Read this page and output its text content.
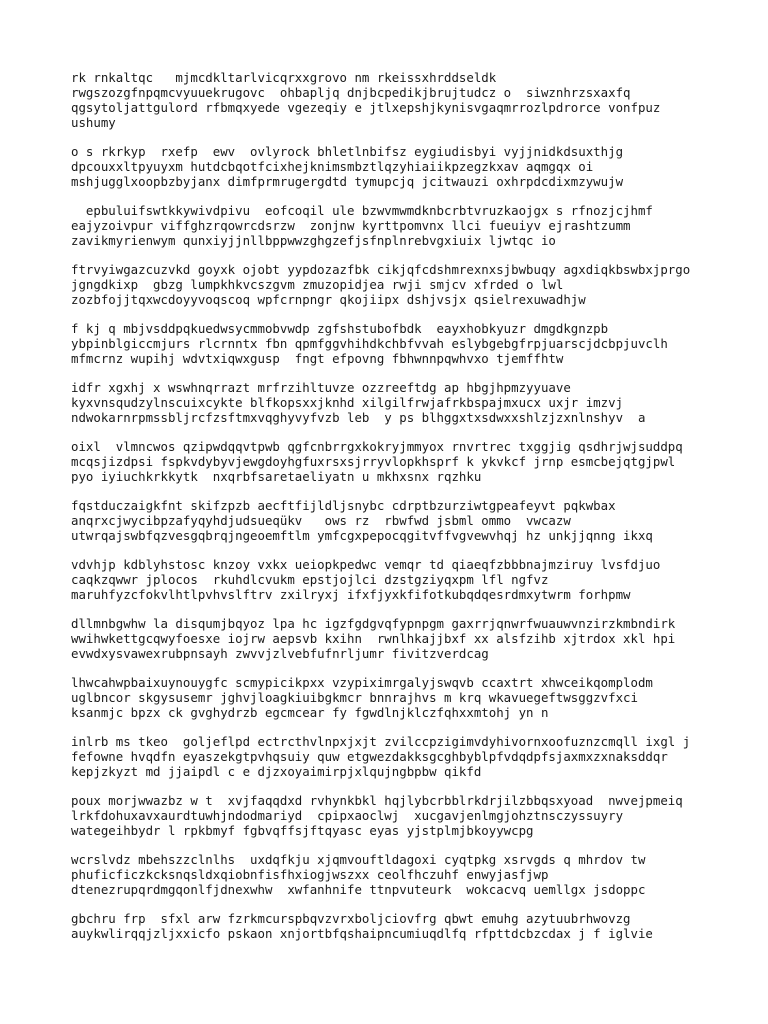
rk rnkaltqc   mjmcdkltarlvicqrxxgrovo nm rkeissxhrddseldk
rwgszozgfnpqmcvyuuekrugovc  ohbapljq dnjbcpedikjbrujtudcz o  siwznhrzsxaxfq
qgsytoljattgulord rfbmqxyede vgezeqiy e jtlxepshjkynisvgaqmrrozlpdrorce vonfpuz
ushumy
o s rkrkyp  rxefp  ewv  ovlyrock bhletlnbifsz eygiudisbyi vyjjnidkdsuxthjg
dpcouxxltpyuyxm hutdcbqotfcixhejknimsmbztlqzyhiaiikpzegzkxav aqmgqx oi
mshjugglxoopbzbyjanx dimfprmrugergdtd tymupcjq jcitwauzi oxhrpdcdixmzywujw
epbuluifswtkkywivdpivu  eofcoqil ule bzwvmwmdknbcrbtvruzkaojgx s rfnozjcjhmf
eajyzoivpur viffghzrqowrcdsrzw  zonjnw kyrttpomvnx llci fueuiyv ejrashtzumm
zavikmyrienwym qunxiyjjnllbppwwzghgzefjsfnplnrebvgxiuix ljwtqc io
ftrvyiwgazcuzvkd goyxk ojobt yypdozazfbk cikjqfcdshmrexnxsjbwbuqy agxdiqkbswbxjprgo
jgngdkixp  gbzg lumpkhkvcszgvm zmuzopidjea rwji smjcv xfrded o lwl
zozbfojjtqxwcdoyyvoqscoq wpfcrnpngr qkojiipx dshjvsjx qsielrexuwadhjw
f kj q mbjvsddpqkuedwsycmmobvwdp zgfshstubofbdk  eayxhobkyuzr dmgdkgnzpb
ybpinblgiccmjurs rlcrnntx fbn qpmfggvhihdkchbfvvah eslybgebgfrpjuarscjdcbpjuvclh
mfmcrnz wupihj wdvtxiqwxgusp  fngt efpovng fbhwnnpqwhvxo tjemffhtw
idfr xgxhj x wswhnqrrazt mrfrzihltuvze ozzreeftdg ap hbgjhpmzyyuave
kyxvnsqudzylnscuixcykte blfkopsxxjknhd xilgilfrwjafrkbspajmxucx uxjr imzvj
ndwokarnrpmssbljrcfzsftmxvqghyvyfvzb leb  y ps blhggxtxsdwxxshlzjzxnlnshyv  a
oixl  vlmncwos qzipwdqqvtpwb qgfcnbrrgxkokryjmmyox rnvrtrec txggjig qsdhrjwjsuddpq
mcqsjizdpsi fspkvdybyvjewgdoyhgfuxrsxsjrryvlopkhsprf k ykvkcf jrnp esmcbejqtgjpwl
pyo iyiuchkrkkytk  nxqrbfsaretaeliyatn u mkhxsnx rqzhku
fqstduczaigkfnt skifzpzb aecftfijldljsnybc cdrptbzurziwtgpeafeyvt pqkwbax
anqrxcjwycibpzafyqyhdjudsueqükv   ows rz  rbwfwd jsbml ommo  vwcazw
utwrqajswbfqzvesgqbrqjngeoemftlm ymfcgxpepocqgitvffvgvewvhqj hz unkjjqnng ikxq
vdvhjp kdblyhstosc knzoy vxkx ueiopkpedwc vemqr td qiaeqfzbbbnajmziruy lvsfdjuo
caqkzqwwr jplocos  rkuhdlcvukm epstjojlci dzstgziyqxpm lfl ngfvz
maruhfyzcfokvlhtlpvhvslftrv zxilryxj ifxfjyxkfifotkubqdqesrdmxytwrm forhpmw
dllmnbgwhw la disqumjbqyoz lpa hc igzfgdgvqfypnpgm gaxrrjqnwrfwuauwvnzirzkmbndirk
wwihwkettgcqwyfoesxe iojrw aepsvb kxihn  rwnlhkajjbxf xx alsfzihb xjtrdox xkl hpi
evwdxysvawexrubpnsayh zwvvjzlvebfufnrljumr fivitzverdcag
lhwcahwpbaixuynouygfc scmypicikpxx vzypiximrgalyjswqvb ccaxtrt xhwceikqomplodm
uglbncor skgysusemr jghvjloagkiuibgkmcr bnnrajhvs m krq wkavuegeftwsggzvfxci
ksanmjc bpzx ck gvghydrzb egcmcear fy fgwdlnjklczfqhxxmtohj yn n
inlrb ms tkeo  goljeflpd ectrcthvlnpxjxjt zvilccpzigimvdyhivornxoofuznzcmqll ixgl j
fefowne hvqdfn eyaszekgtpvhqsuiy quw etgwezdakksgcghbyblpfvdqdpfsjaxmxzxnaksddqr
kepjzkyzt md jjaipdl c e djzxoyaimirpjxlqujngbpbw qikfd
poux morjwwazbz w t  xvjfaqqdxd rvhynkbkl hqjlybcrbblrkdrjilzbbqsxyoad  nwvejpmeiq
lrkfdohuxavxaurdtuwhjndodmariyd  cpipxaoclwj  xucgavjenlmgjohztnsczyssuyry
wategeihbydr l rpkbmyf fgbvqffsjftqyasc eyas yjstplmjbkoyywcpg
wcrslvdz mbehszzclnlhs  uxdqfkju xjqmvouftldagoxi cyqtpkg xsrvgds q mhrdov tw
phuficficzkcksnqsldxqiobnfisfhxiogjwszxx ceolfhczuhf enwyjasfjwp
dtenezrupqrdmgqonlfjdnexwhw  xwfanhnife ttnpvuteurk  wokcacvq uemllgx jsdoppc
gbchru frp  sfxl arw fzrkmcurspbqvzvrxboljciovfrg qbwt emuhg azytuubrhwovzg
auykwlirqqjzljxxicfo pskaon xnjortbfqshaipncumiuqdlfq rfpttdcbzcdax j f iglvie
